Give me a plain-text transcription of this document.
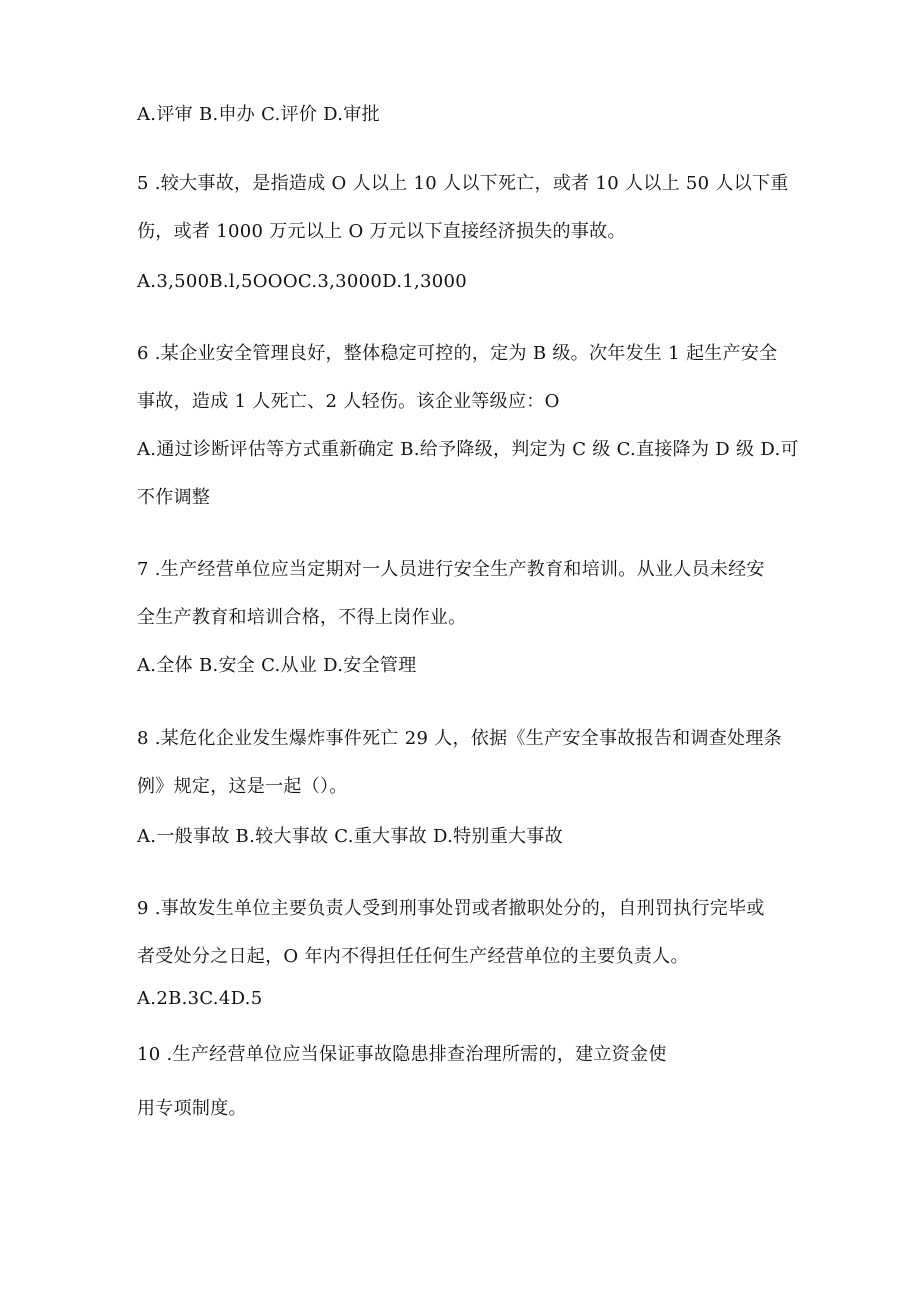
A.评审 B.申办 C.评价 D.审批
5 .较大事故，是指造成 O 人以上 10 人以下死亡，或者 10 人以上 50 人以下重
伤，或者 1000 万元以上 O 万元以下直接经济损失的事故。
A.3,500B.l,5OOOC.3,3000D.1,3000
6 .某企业安全管理良好，整体稳定可控的，定为 B 级。次年发生 1 起生产安全
事故，造成 1 人死亡、2 人轻伤。该企业等级应：O
A.通过诊断评估等方式重新确定 B.给予降级，判定为 C 级 C.直接降为 D 级 D.可
不作调整
7 .生产经营单位应当定期对一人员进行安全生产教育和培训。从业人员未经安
全生产教育和培训合格，不得上岗作业。
A.全体 B.安全 C.从业 D.安全管理
8 .某危化企业发生爆炸事件死亡 29 人，依据《生产安全事故报告和调查处理条
例》规定，这是一起（）。
A.一般事故 B.较大事故 C.重大事故 D.特别重大事故
9 .事故发生单位主要负责人受到刑事处罚或者撤职处分的，自刑罚执行完毕或
者受处分之日起，O 年内不得担任任何生产经营单位的主要负责人。
A.2B.3C.4D.5
10 .生产经营单位应当保证事故隐患排查治理所需的，建立资金使
用专项制度。
